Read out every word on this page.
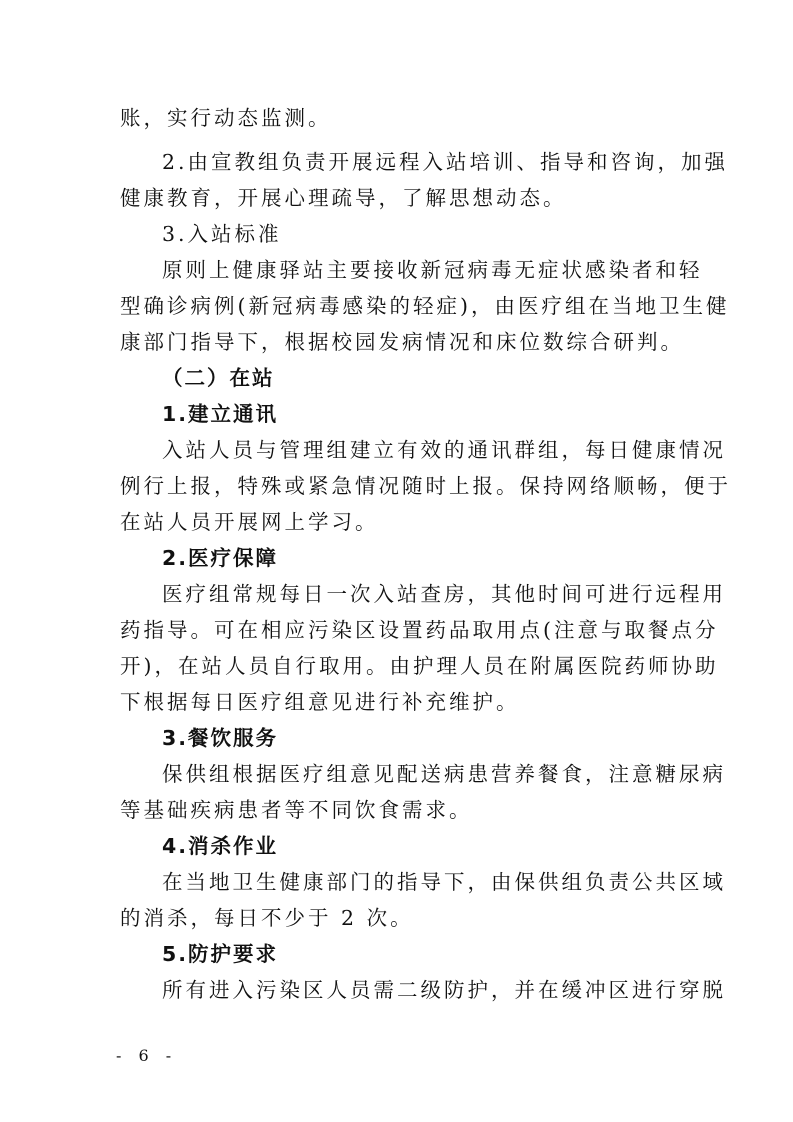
账，实行动态监测。
2.由宣教组负责开展远程入站培训、指导和咨询，加强
健康教育，开展心理疏导，了解思想动态。
3.入站标准
原则上健康驿站主要接收新冠病毒无症状感染者和轻
型确诊病例(新冠病毒感染的轻症)，由医疗组在当地卫生健
康部门指导下，根据校园发病情况和床位数综合研判。
（二）在站
1.建立通讯
入站人员与管理组建立有效的通讯群组，每日健康情况
例行上报，特殊或紧急情况随时上报。保持网络顺畅，便于
在站人员开展网上学习。
2.医疗保障
医疗组常规每日一次入站查房，其他时间可进行远程用
药指导。可在相应污染区设置药品取用点(注意与取餐点分
开)，在站人员自行取用。由护理人员在附属医院药师协助
下根据每日医疗组意见进行补充维护。
3.餐饮服务
保供组根据医疗组意见配送病患营养餐食，注意糖尿病
等基础疾病患者等不同饮食需求。
4.消杀作业
在当地卫生健康部门的指导下，由保供组负责公共区域
的消杀，每日不少于 2 次。
5.防护要求
所有进入污染区人员需二级防护，并在缓冲区进行穿脱
- 6 -
